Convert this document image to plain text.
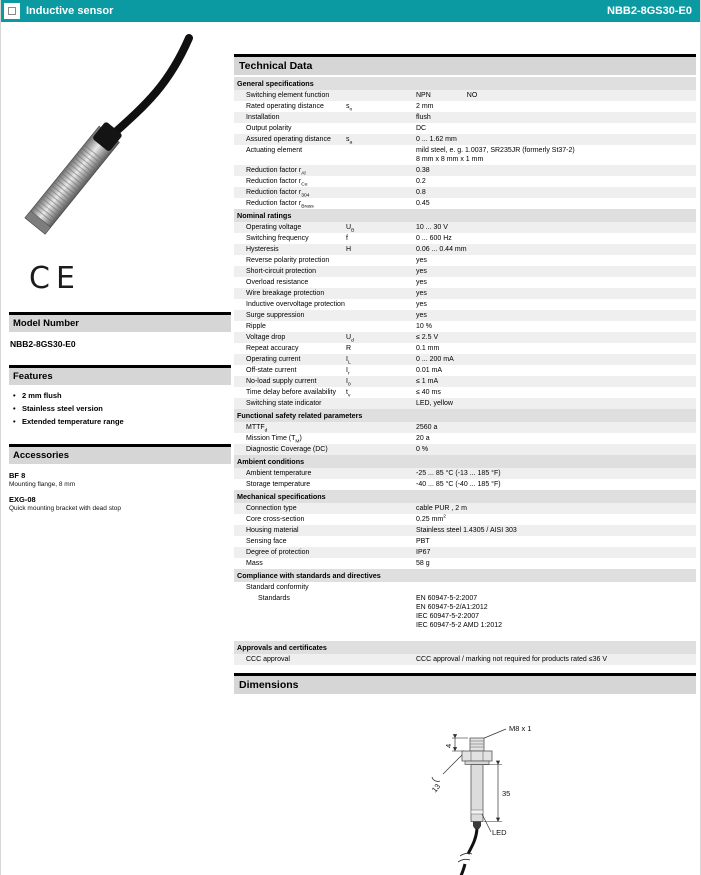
Inductive sensor	NBB2-8GS30-E0
CE
Model Number
NBB2-8GS30-E0
Features
• 2 mm flush
• Stainless steel version
• Extended temperature range
Accessories
BF 8
Mounting flange, 8 mm
EXG-08
Quick mounting bracket with dead stop
Technical Data
General specifications
Switching element function	NPN	NO
Rated operating distance	$s_n$	2 mm
Installation	flush
Output polarity	DC
Assured operating distance	$s_a$	0 ... 1.62 mm
Actuating element	mild steel, e. g. 1.0037, SR235JR (formerly St37-2)
8 mm x 8 mm x 1 mm
Reduction factor $r_{Al}$	0.38
Reduction factor $r_{Cu}$	0.2
Reduction factor $r_{304}$	0.8
Reduction factor $r_{Brass}$	0.45
Nominal ratings
Operating voltage	$U_B$	10 ... 30 V
Switching frequency	f	0 ... 600 Hz
Hysteresis	H	0.06 ... 0.44 mm
Reverse polarity protection	yes
Short-circuit protection	yes
Overload resistance	yes
Wire breakage protection	yes
Inductive overvoltage protection	yes
Surge suppression	yes
Ripple	10 %
Voltage drop	$U_d$	≤ 2.5 V
Repeat accuracy	R	0.1 mm
Operating current	$I_L$	0 ... 200 mA
Off-state current	$I_r$	0.01 mA
No-load supply current	$I_0$	≤ 1 mA
Time delay before availability	$t_v$	≤ 40 ms
Switching state indicator	LED, yellow
Functional safety related parameters
$MTTF_d$	2560 a
Mission Time $(T_M)$	20 a
Diagnostic Coverage (DC)	0 %
Ambient conditions
Ambient temperature	-25 ... 85 °C (-13 ... 185 °F)
Storage temperature	-40 ... 85 °C (-40 ... 185 °F)
Mechanical specifications
Connection type	cable PUR , 2 m
Core cross-section	0.25 $mm^2$
Housing material	Stainless steel 1.4305 / AISI 303
Sensing face	PBT
Degree of protection	IP67
Mass	58 g
Compliance with standards and directives
Standard conformity
Standards	EN 60947-5-2:2007
EN 60947-5-2/A1:2012
IEC 60947-5-2:2007
IEC 60947-5-2 AMD 1:2012
Approvals and certificates
CCC approval	CCC approval / marking not required for products rated ≤36 V
Dimensions
M8 x 1
4
13	35
LED
